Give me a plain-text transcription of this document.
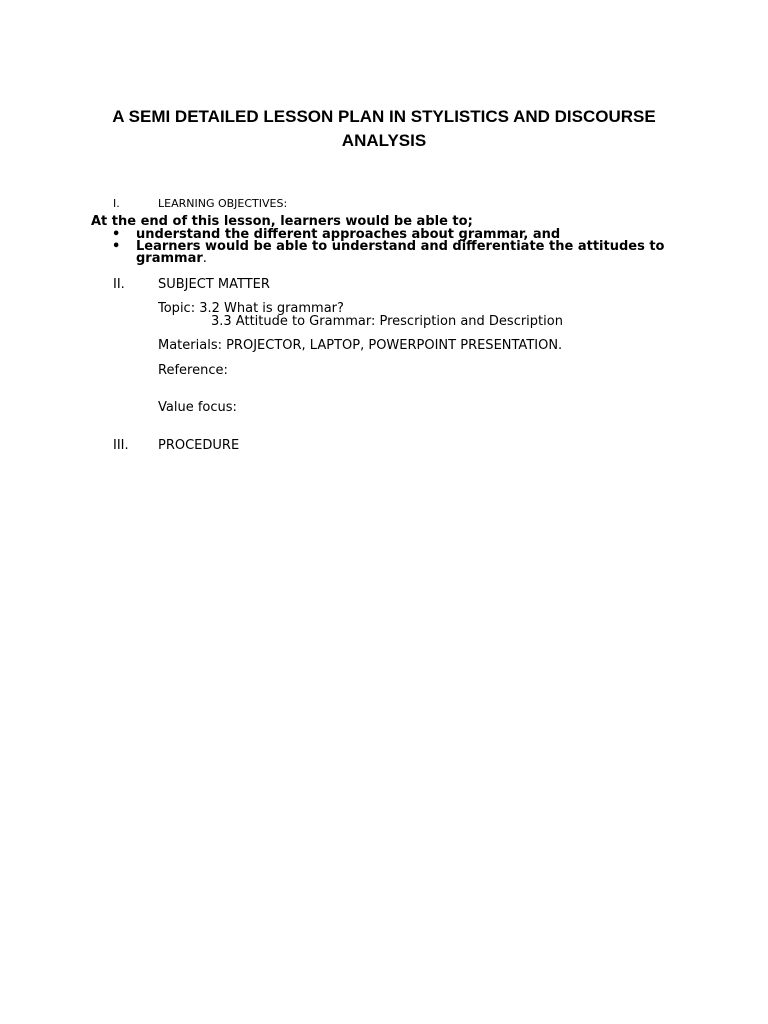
A SEMI DETAILED LESSON PLAN IN STYLISTICS AND DISCOURSE
ANALYSIS
I.	LEARNING OBJECTIVES:

At the end of this lesson, learners would be able to;

• understand the different approaches about grammar, and
• Learners would be able to understand and differentiate the attitudes to grammar.
II.	SUBJECT MATTER
Topic: 3.2 What is grammar?
3.3 Attitude to Grammar: Prescription and Description
Materials: PROJECTOR, LAPTOP, POWERPOINT PRESENTATION.
Reference:
Value focus:
III. PROCEDURE
